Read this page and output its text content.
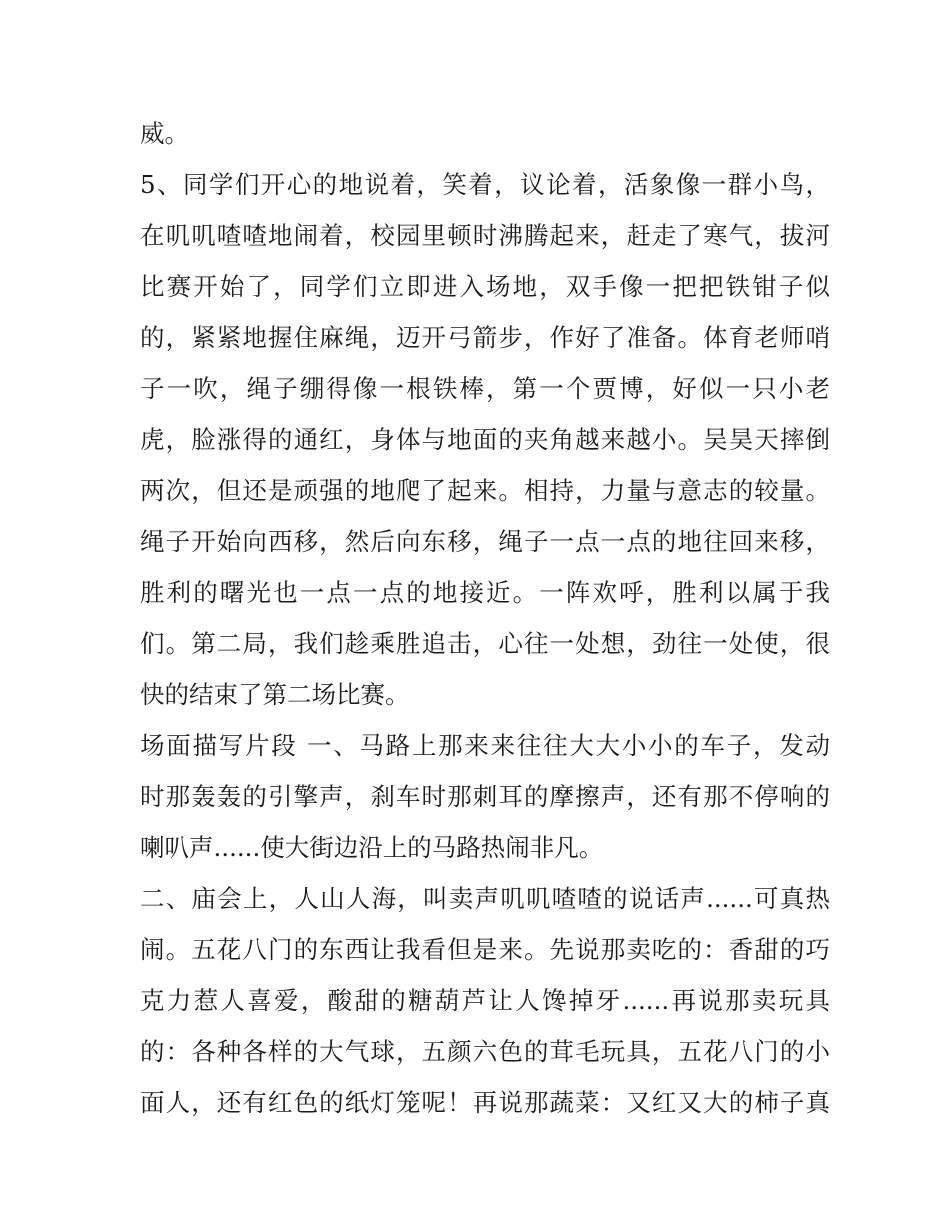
威。
5、同学们开心的地说着，笑着，议论着，活象像一群小鸟，
在叽叽喳喳地闹着，校园里顿时沸腾起来，赶走了寒气，拔河
比赛开始了，同学们立即进入场地，双手像一把把铁钳子似
的，紧紧地握住麻绳，迈开弓箭步，作好了准备。体育老师哨
子一吹，绳子绷得像一根铁棒，第一个贾博，好似一只小老
虎，脸涨得的通红，身体与地面的夹角越来越小。吴昊天摔倒
两次，但还是顽强的地爬了起来。相持，力量与意志的较量。
绳子开始向西移，然后向东移，绳子一点一点的地往回来移，
胜利的曙光也一点一点的地接近。一阵欢呼，胜利以属于我
们。第二局，我们趁乘胜追击，心往一处想，劲往一处使，很
快的结束了第二场比赛。
场面描写片段 一、马路上那来来往往大大小小的车子，发动
时那轰轰的引擎声，刹车时那刺耳的摩擦声，还有那不停响的
喇叭声......使大街边沿上的马路热闹非凡。
二、庙会上，人山人海，叫卖声叽叽喳喳的说话声......可真热
闹。五花八门的东西让我看但是来。先说那卖吃的：香甜的巧
克力惹人喜爱，酸甜的糖葫芦让人馋掉牙......再说那卖玩具
的：各种各样的大气球，五颜六色的茸毛玩具，五花八门的小
面人，还有红色的纸灯笼呢！再说那蔬菜：又红又大的柿子真
